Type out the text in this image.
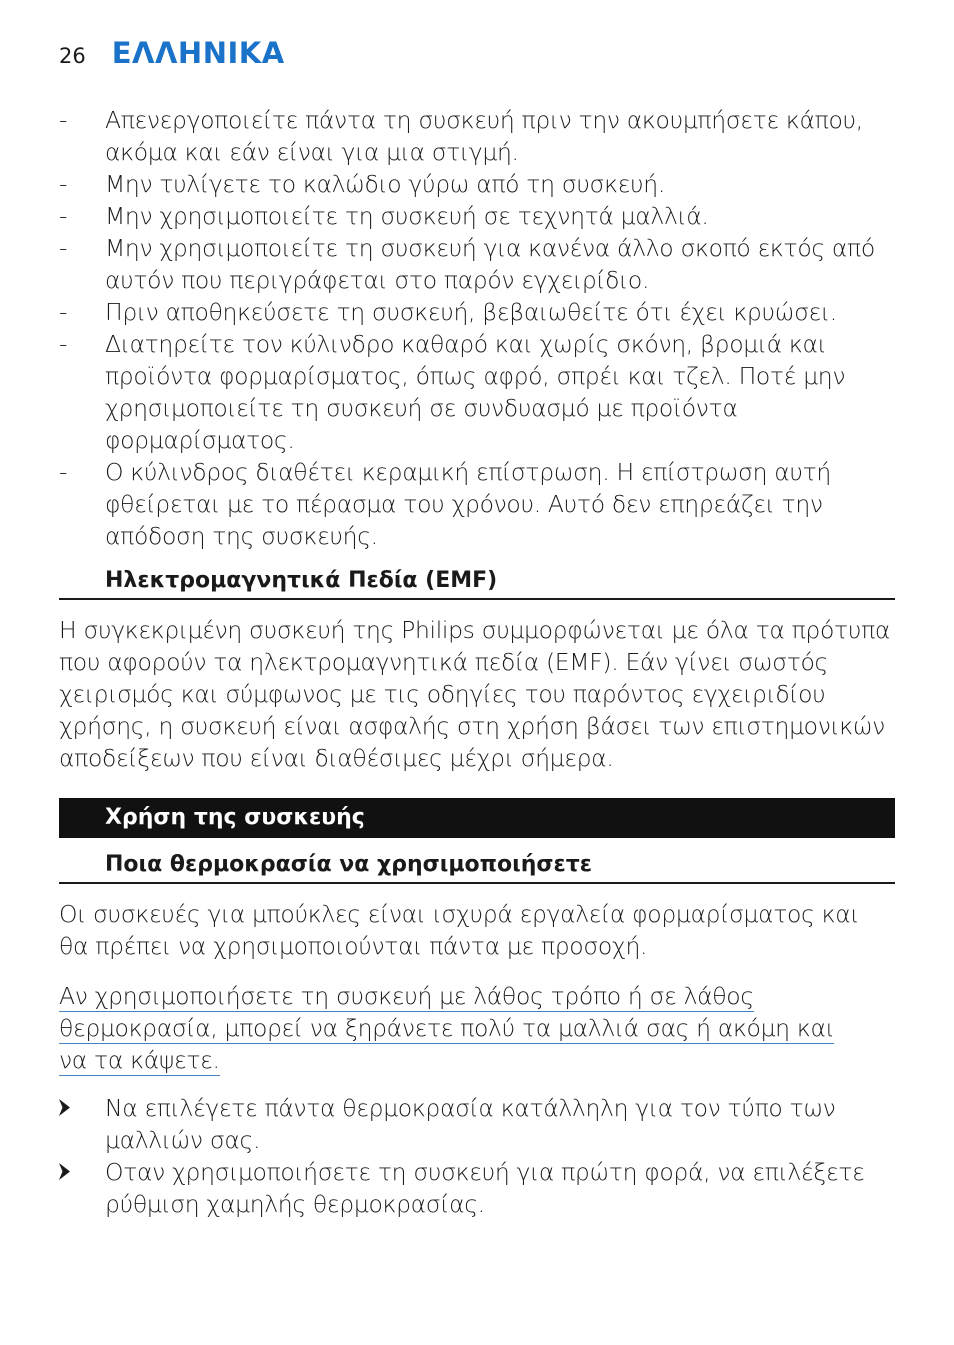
26 ΕΛΛΗΝΙΚΑ
- Απενεργοποιείτε πάντα τη συσκευή πριν την ακουμπήσετε κάπου, ακόμα και εάν είναι για μια στιγμή.
- Μην τυλίγετε το καλώδιο γύρω από τη συσκευή.
- Μην χρησιμοποιείτε τη συσκευή σε τεχνητά μαλλιά.
- Μην χρησιμοποιείτε τη συσκευή για κανένα άλλο σκοπό εκτός από αυτόν που περιγράφεται στο παρόν εγχειρίδιο.
- Πριν αποθηκεύσετε τη συσκευή, βεβαιωθείτε ότι έχει κρυώσει.
- Διατηρείτε τον κύλινδρο καθαρό και χωρίς σκόνη, βρομιά και προϊόντα φορμαρίσματος, όπως αφρό, σπρέι και τζελ. Ποτέ μην χρησιμοποιείτε τη συσκευή σε συνδυασμό με προϊόντα φορμαρίσματος.
- Ο κύλινδρος διαθέτει κεραμική επίστρωση. Η επίστρωση αυτή φθείρεται με το πέρασμα του χρόνου. Αυτό δεν επηρεάζει την απόδοση της συσκευής.
Ηλεκτρομαγνητικά Πεδία (EMF)

Η συγκεκριμένη συσκευή της Philips συμμορφώνεται με όλα τα πρότυπα που αφορούν τα ηλεκτρομαγνητικά πεδία (EMF). Εάν γίνει σωστός χειρισμός και σύμφωνος με τις οδηγίες του παρόντος εγχειριδίου χρήσης, η συσκευή είναι ασφαλής στη χρήση βάσει των επιστημονικών αποδείξεων που είναι διαθέσιμες μέχρι σήμερα.

Χρήση της συσκευής
Ποια θερμοκρασία να χρησιμοποιήσετε

Οι συσκευές για μπούκλες είναι ισχυρά εργαλεία φορμαρίσματος και θα πρέπει να χρησιμοποιούνται πάντα με προσοχή.

Αν χρησιμοποιήσετε τη συσκευή με λάθος τρόπο ή σε λάθος
θερμοκρασία, μπορεί να ξηράνετε πολύ τα μαλλιά σας ή ακόμη και
να τα κάψετε.
Να επιλέγετε πάντα θερμοκρασία κατάλληλη για τον τύπο των μαλλιών σας.
Οταν χρησιμοποιήσετε τη συσκευή για πρώτη φορά, να επιλέξετε ρύθμιση χαμηλής θερμοκρασίας.
